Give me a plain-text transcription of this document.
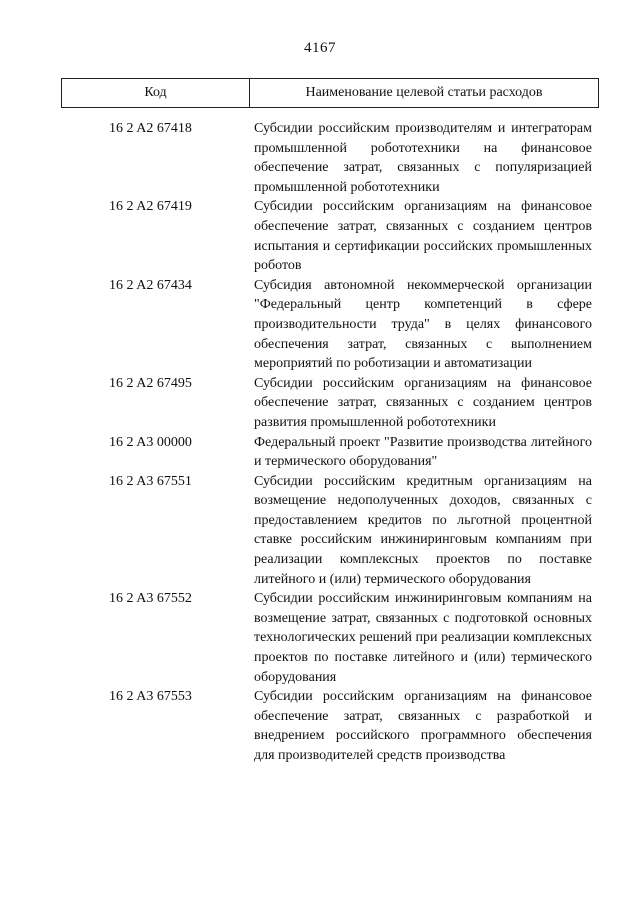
4167
Код	Наименование целевой статьи расходов
16 2 A2 67418	Субсидии российским производителям и интеграторам промышленной робототехники на финансовое обеспечение затрат, связанных с популяризацией промышленной робототехники
16 2 A2 67419	Субсидии российским организациям на финансовое обеспечение затрат, связанных с созданием центров испытания и сертификации российских промышленных роботов
16 2 A2 67434	Субсидия автономной некоммерческой организации "Федеральный центр компетенций в сфере производительности труда" в целях финансового обеспечения затрат, связанных с выполнением мероприятий по роботизации и автоматизации
16 2 A2 67495	Субсидии российским организациям на финансовое обеспечение затрат, связанных с созданием центров развития промышленной робототехники
16 2 A3 00000	Федеральный проект "Развитие производства литейного и термического оборудования"
16 2 A3 67551	Субсидии российским кредитным организациям на возмещение недополученных доходов, связанных с предоставлением кредитов по льготной процентной ставке российским инжиниринговым компаниям при реализации комплексных проектов по поставке литейного и (или) термического оборудования
16 2 A3 67552	Субсидии российским инжиниринговым компаниям на возмещение затрат, связанных с подготовкой основных технологических решений при реализации комплексных проектов по поставке литейного и (или) термического оборудования
16 2 A3 67553	Субсидии российским организациям на финансовое обеспечение затрат, связанных с разработкой и внедрением российского программного обеспечения для производителей средств производства
